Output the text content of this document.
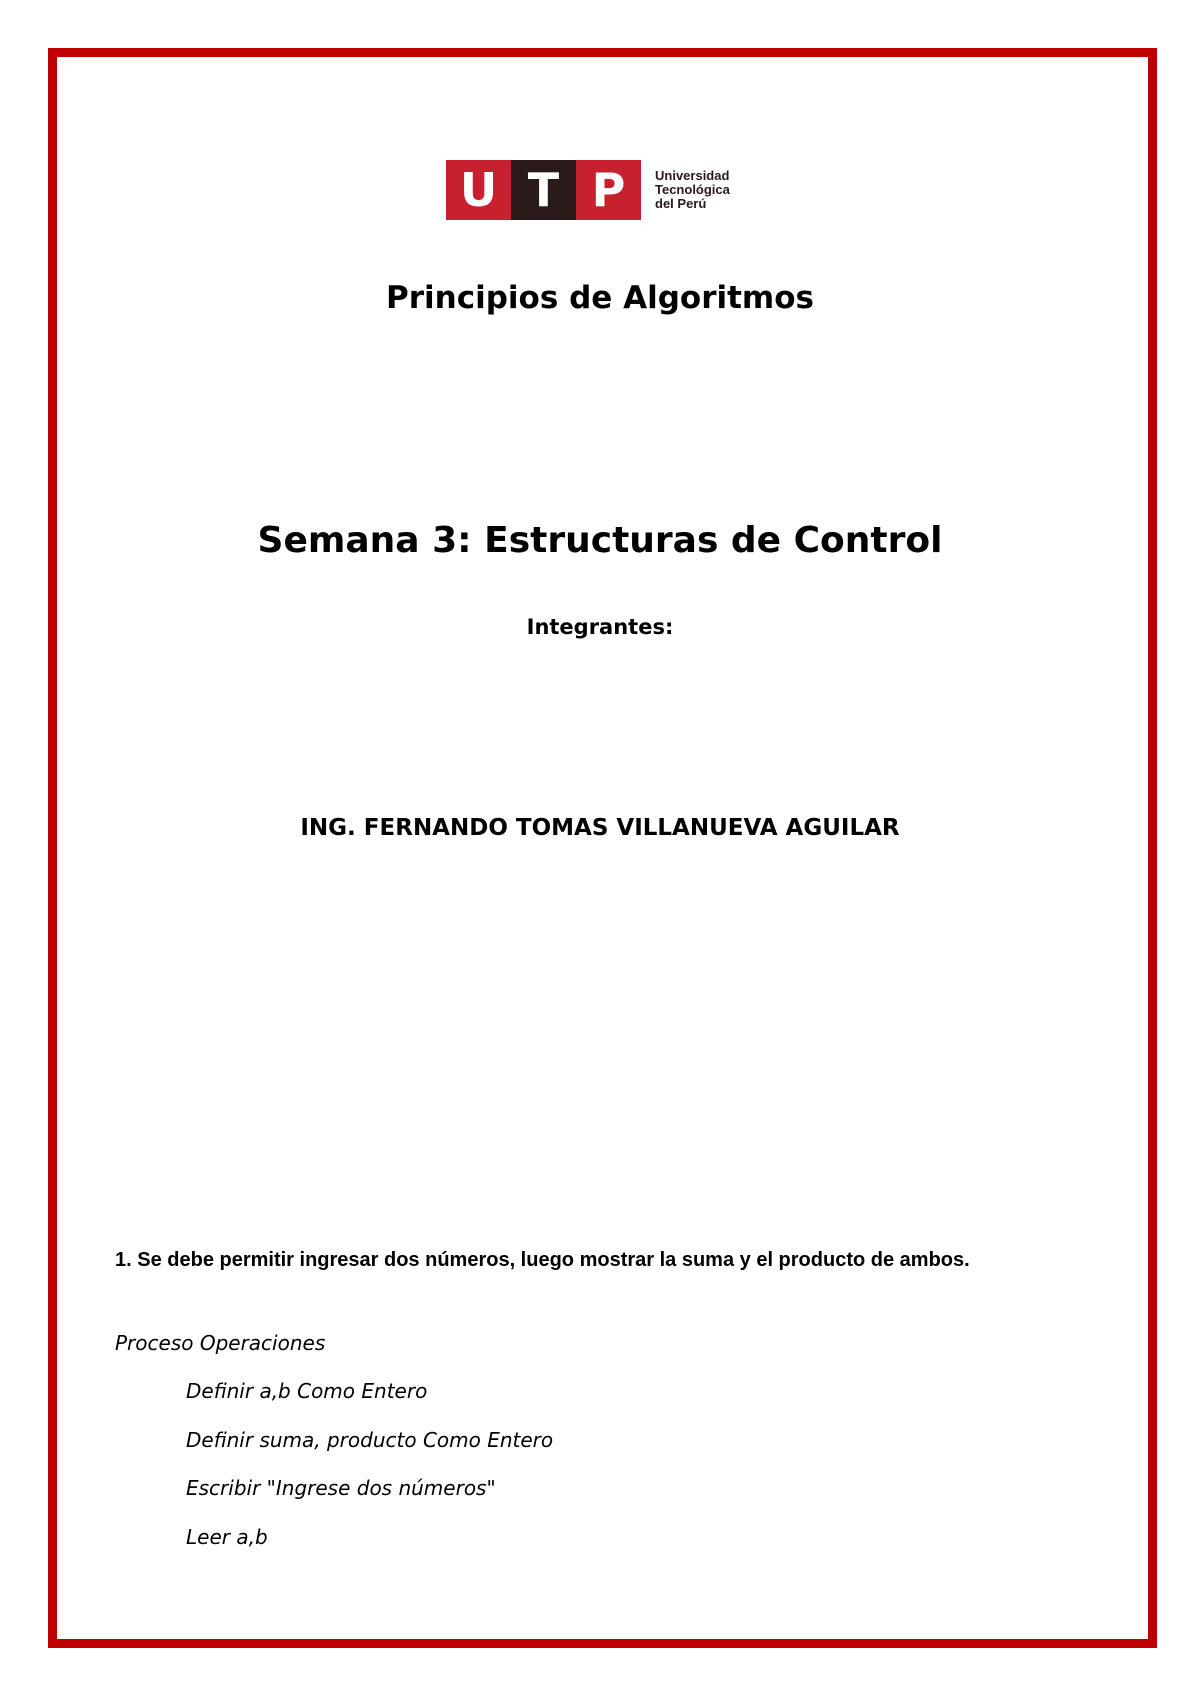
U T P	Universidad
Tecnológica
del Perú
Principios de Algoritmos
Semana 3: Estructuras de Control
Integrantes:
ING. FERNANDO TOMAS VILLANUEVA AGUILAR
1. Se debe permitir ingresar dos números, luego mostrar la suma y el producto de ambos.
Proceso Operaciones
Definir a,b Como Entero
Definir suma, producto Como Entero
Escribir "Ingrese dos números"
Leer a,b
